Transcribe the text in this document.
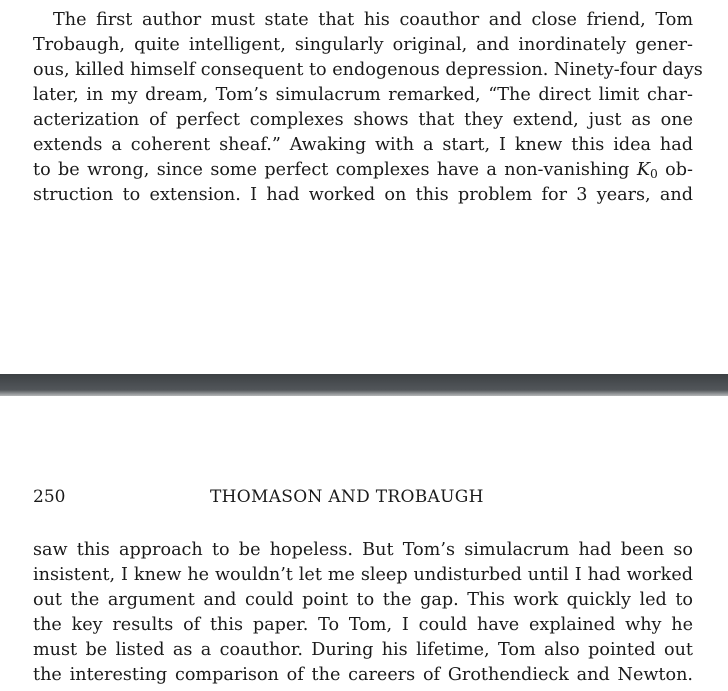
The first author must state that his coauthor and close friend, Tom
Trobaugh, quite intelligent, singularly original, and inordinately gener-
ous, killed himself consequent to endogenous depression. Ninety-four days
later, in my dream, Tom’s simulacrum remarked, “The direct limit char-
acterization of perfect complexes shows that they extend, just as one
extends a coherent sheaf.” Awaking with a start, I knew this idea had
to be wrong, since some perfect complexes have a non-vanishing $K_0$ ob-
struction to extension. I had worked on this problem for 3 years, and
250	THOMASON AND TROBAUGH
saw this approach to be hopeless. But Tom’s simulacrum had been so
insistent, I knew he wouldn’t let me sleep undisturbed until I had worked
out the argument and could point to the gap. This work quickly led to
the key results of this paper. To Tom, I could have explained why he
must be listed as a coauthor. During his lifetime, Tom also pointed out
the interesting comparison of the careers of Grothendieck and Newton.
